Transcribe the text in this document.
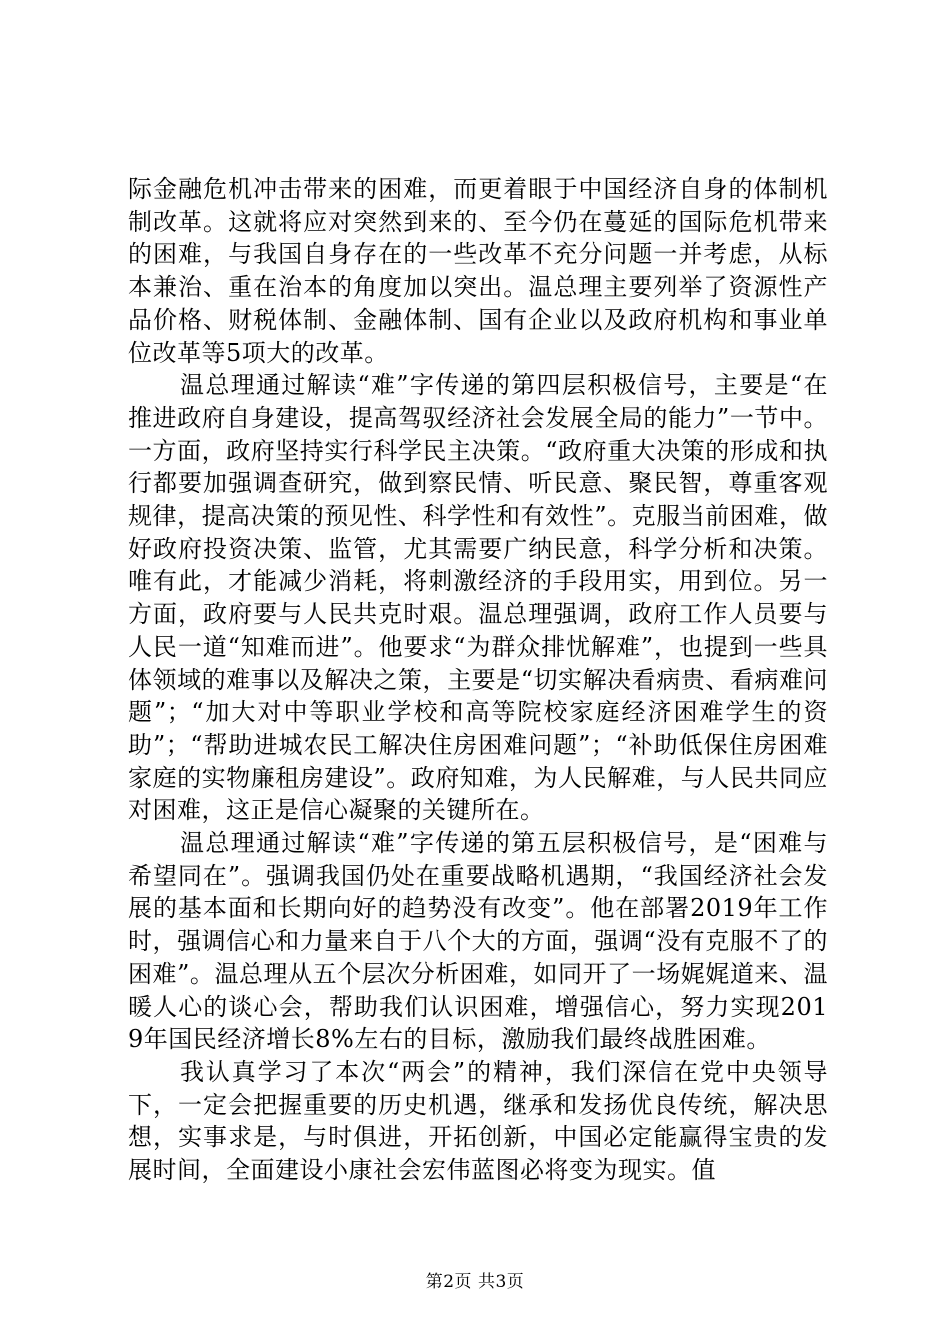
际金融危机冲击带来的困难，而更着眼于中国经济自身的体制机制改革。这就将应对突然到来的、至今仍在蔓延的国际危机带来的困难，与我国自身存在的一些改革不充分问题一并考虑，从标本兼治、重在治本的角度加以突出。温总理主要列举了资源性产品价格、财税体制、金融体制、国有企业以及政府机构和事业单位改革等5项大的改革。

温总理通过解读“难”字传递的第四层积极信号，主要是“在推进政府自身建设，提高驾驭经济社会发展全局的能力”一节中。一方面，政府坚持实行科学民主决策。“政府重大决策的形成和执行都要加强调查研究，做到察民情、听民意、聚民智，尊重客观规律，提高决策的预见性、科学性和有效性”。克服当前困难，做好政府投资决策、监管，尤其需要广纳民意，科学分析和决策。唯有此，才能减少消耗，将刺激经济的手段用实，用到位。另一方面，政府要与人民共克时艰。温总理强调，政府工作人员要与人民一道“知难而进”。他要求“为群众排忧解难”，也提到一些具体领域的难事以及解决之策，主要是“切实解决看病贵、看病难问题”；“加大对中等职业学校和高等院校家庭经济困难学生的资助”；“帮助进城农民工解决住房困难问题”；“补助低保住房困难家庭的实物廉租房建设”。政府知难，为人民解难，与人民共同应对困难，这正是信心凝聚的关键所在。

温总理通过解读“难”字传递的第五层积极信号，是“困难与希望同在”。强调我国仍处在重要战略机遇期，“我国经济社会发展的基本面和长期向好的趋势没有改变”。他在部署2019年工作时，强调信心和力量来自于八个大的方面，强调“没有克服不了的困难”。温总理从五个层次分析困难，如同开了一场娓娓道来、温暖人心的谈心会，帮助我们认识困难，增强信心，努力实现2019年国民经济增长8%左右的目标，激励我们最终战胜困难。

我认真学习了本次“两会”的精神，我们深信在党中央领导下，一定会把握重要的历史机遇，继承和发扬优良传统，解决思想，实事求是，与时俱进，开拓创新，中国必定能赢得宝贵的发展时间，全面建设小康社会宏伟蓝图必将变为现实。值

第2页 共3页
